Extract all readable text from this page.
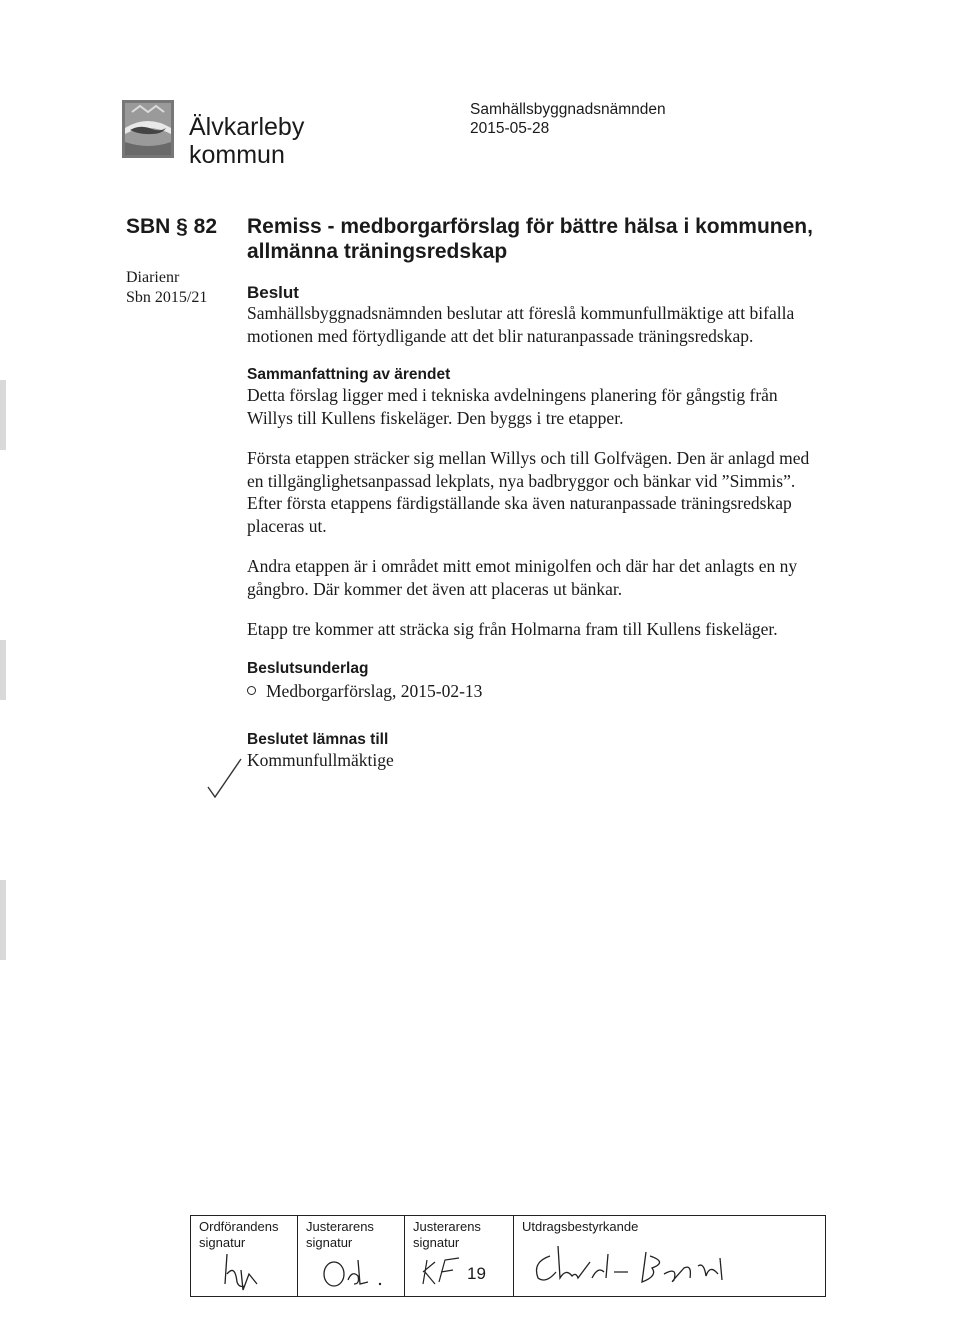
Älvkarleby
kommun
Samhällsbyggnadsnämnden
2015-05-28
SBN § 82
Diarienr
Sbn 2015/21
Remiss - medborgarförslag för bättre hälsa i kommunen, allmänna träningsredskap
Beslut

Samhällsbyggnadsnämnden beslutar att föreslå kommunfullmäktige att bifalla motionen med förtydligande att det blir naturanpassade träningsredskap.

Sammanfattning av ärendet

Detta förslag ligger med i tekniska avdelningens planering för gångstig från Willys till Kullens fiskeläger. Den byggs i tre etapper.

Första etappen sträcker sig mellan Willys och till Golfvägen. Den är anlagd med en tillgänglighetsanpassad lekplats, nya badbryggor och bänkar vid ”Simmis”. Efter första etappens färdigställande ska även naturanpassade träningsredskap placeras ut.

Andra etappen är i området mitt emot minigolfen och där har det anlagts en ny gångbro. Där kommer det även att placeras ut bänkar.

Etapp tre kommer att sträcka sig från Holmarna fram till Kullens fiskeläger.

Beslutsunderlag
Medborgarförslag, 2015-02-13
Beslutet lämnas till

Kommunfullmäktige

Ordförandens
signatur
Justerarens
signatur
Justerarens
signatur
19
Utdragsbestyrkande
